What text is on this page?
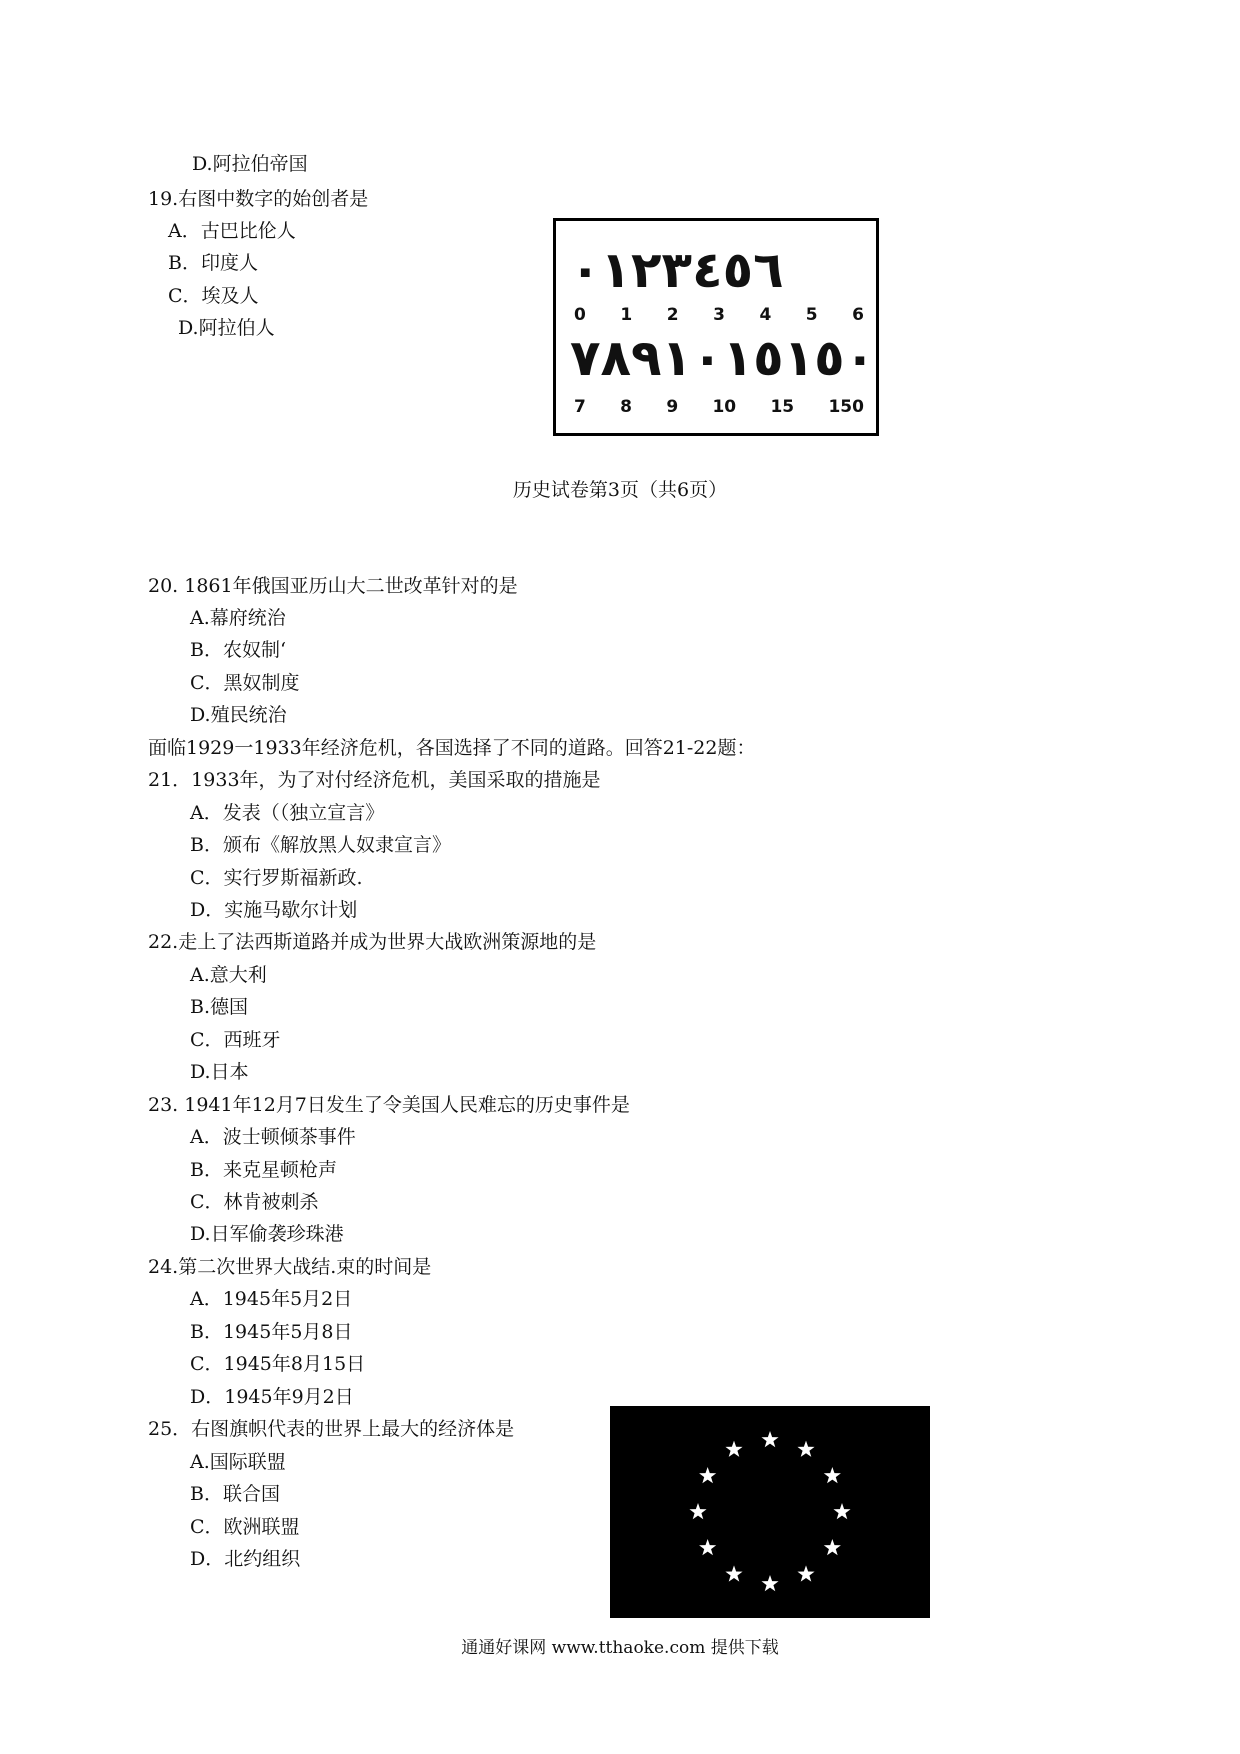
D.阿拉伯帝国
19.右图中数字的始创者是
A．古巴比伦人
B．印度人
C．埃及人
D.阿拉伯人
٠١٢٣٤٥٦
0 1 2 3 4 5 6
٧٨٩١٠١٥١٥٠
7 8 9 10 15 150
历史试卷第3页（共6页）
20. 1861年俄国亚历山大二世改革针对的是
A.幕府统治
B．农奴制‘
C．黑奴制度
D.殖民统治
面临1929一1933年经济危机，各国选择了不同的道路。回答21-22题：
21．1933年，为了对付经济危机，美国采取的措施是
A．发表（（独立宣言》
B．颁布《解放黑人奴隶宣言》
C．实行罗斯福新政.
D．实施马歇尔计划
22.走上了法西斯道路并成为世界大战欧洲策源地的是
A.意大利
B.德国
C．西班牙
D.日本
23. 1941年12月7日发生了令美国人民难忘的历史事件是
A．波士顿倾茶事件
B．来克星顿枪声
C．林肯被刺杀
D.日军偷袭珍珠港
24.第二次世界大战结.束的时间是
A．1945年5月2日
B．1945年5月8日
C．1945年8月15日
D．1945年9月2日
25．右图旗帜代表的世界上最大的经济体是
A.国际联盟
B．联合国
C．欧洲联盟
D．北约组织
通通好课网 www.tthaoke.com 提供下载
